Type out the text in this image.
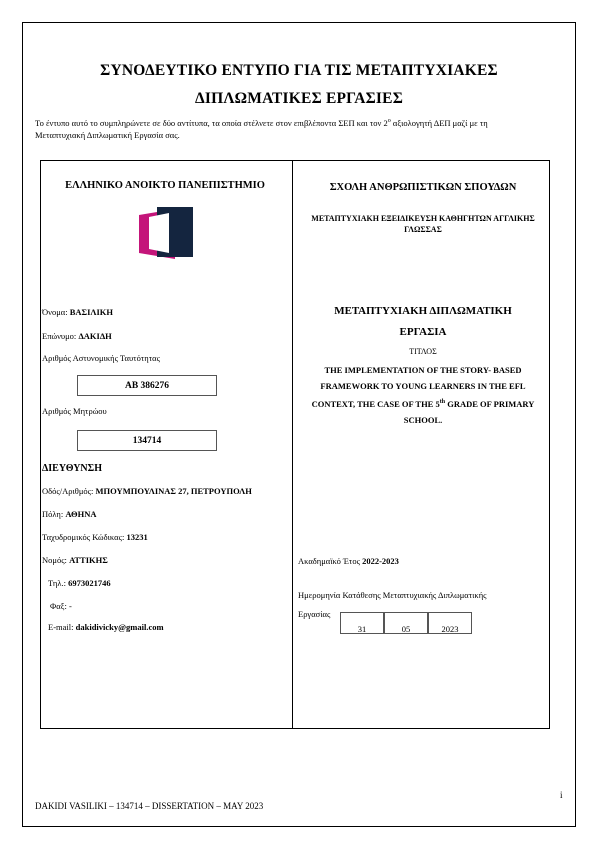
ΣΥΝΟΔΕΥΤΙΚΟ ΕΝΤΥΠΟ ΓΙΑ ΤΙΣ ΜΕΤΑΠΤΥΧΙΑΚΕΣ
ΔΙΠΛΩΜΑΤΙΚΕΣ ΕΡΓΑΣΙΕΣ
Το έντυπο αυτό το συμπληρώνετε σε δύο αντίτυπα, τα οποία στέλνετε στον επιβλέποντα ΣΕΠ και τον $2^o$ αξιολογητή ΔΕΠ μαζί με τη
Μεταπτυχιακή Διπλωματική Εργασία σας.
ΕΛΛΗΝΙΚΟ ΑΝΟΙΚΤΟ ΠΑΝΕΠΙΣΤΗΜΙΟ
Όνομα: ΒΑΣΙΛΙΚΗ
Επώνυμο: ΔΑΚΙΔΗ
Αριθμός Αστυνομικής Ταυτότητας
AB 386276
Αριθμός Μητρώου
134714
ΔΙΕΥΘΥΝΣΗ
Οδός/Αριθμός: ΜΠΟΥΜΠΟΥΛΙΝΑΣ 27, ΠΕΤΡΟΥΠΟΛΗ
Πόλη: ΑΘΗΝΑ
Ταχυδρομικός Κώδικας: 13231
Νομός: ΑΤΤΙΚΗΣ
Τηλ.: 6973021746
Φαξ: -
E-mail: dakidivicky@gmail.com
ΣΧΟΛΗ ΑΝΘΡΩΠΙΣΤΙΚΩΝ ΣΠΟΥΔΩΝ
ΜΕΤΑΠΤΥΧΙΑΚΗ ΕΞΕΙΔΙΚΕΥΣΗ ΚΑΘΗΓΗΤΩΝ ΑΓΓΛΙΚΗΣ ΓΛΩΣΣΑΣ
ΜΕΤΑΠΤΥΧΙΑΚΗ ΔΙΠΛΩΜΑΤΙΚΗ
ΕΡΓΑΣΙΑ
ΤΙΤΛΟΣ
THE IMPLEMENTATION OF THE STORY- BASED FRAMEWORK TO YOUNG LEARNERS IN THE EFL CONTEXT, THE CASE OF THE 5th GRADE OF PRIMARY SCHOOL.
Ακαδημαϊκό Έτος 2022-2023
Ημερομηνία Κατάθεσης Μεταπτυχιακής Διπλωματικής
Εργασίας
31	05	2023
DAKIDI VASILIKI – 134714 – DISSERTATION – MAY 2023
i
